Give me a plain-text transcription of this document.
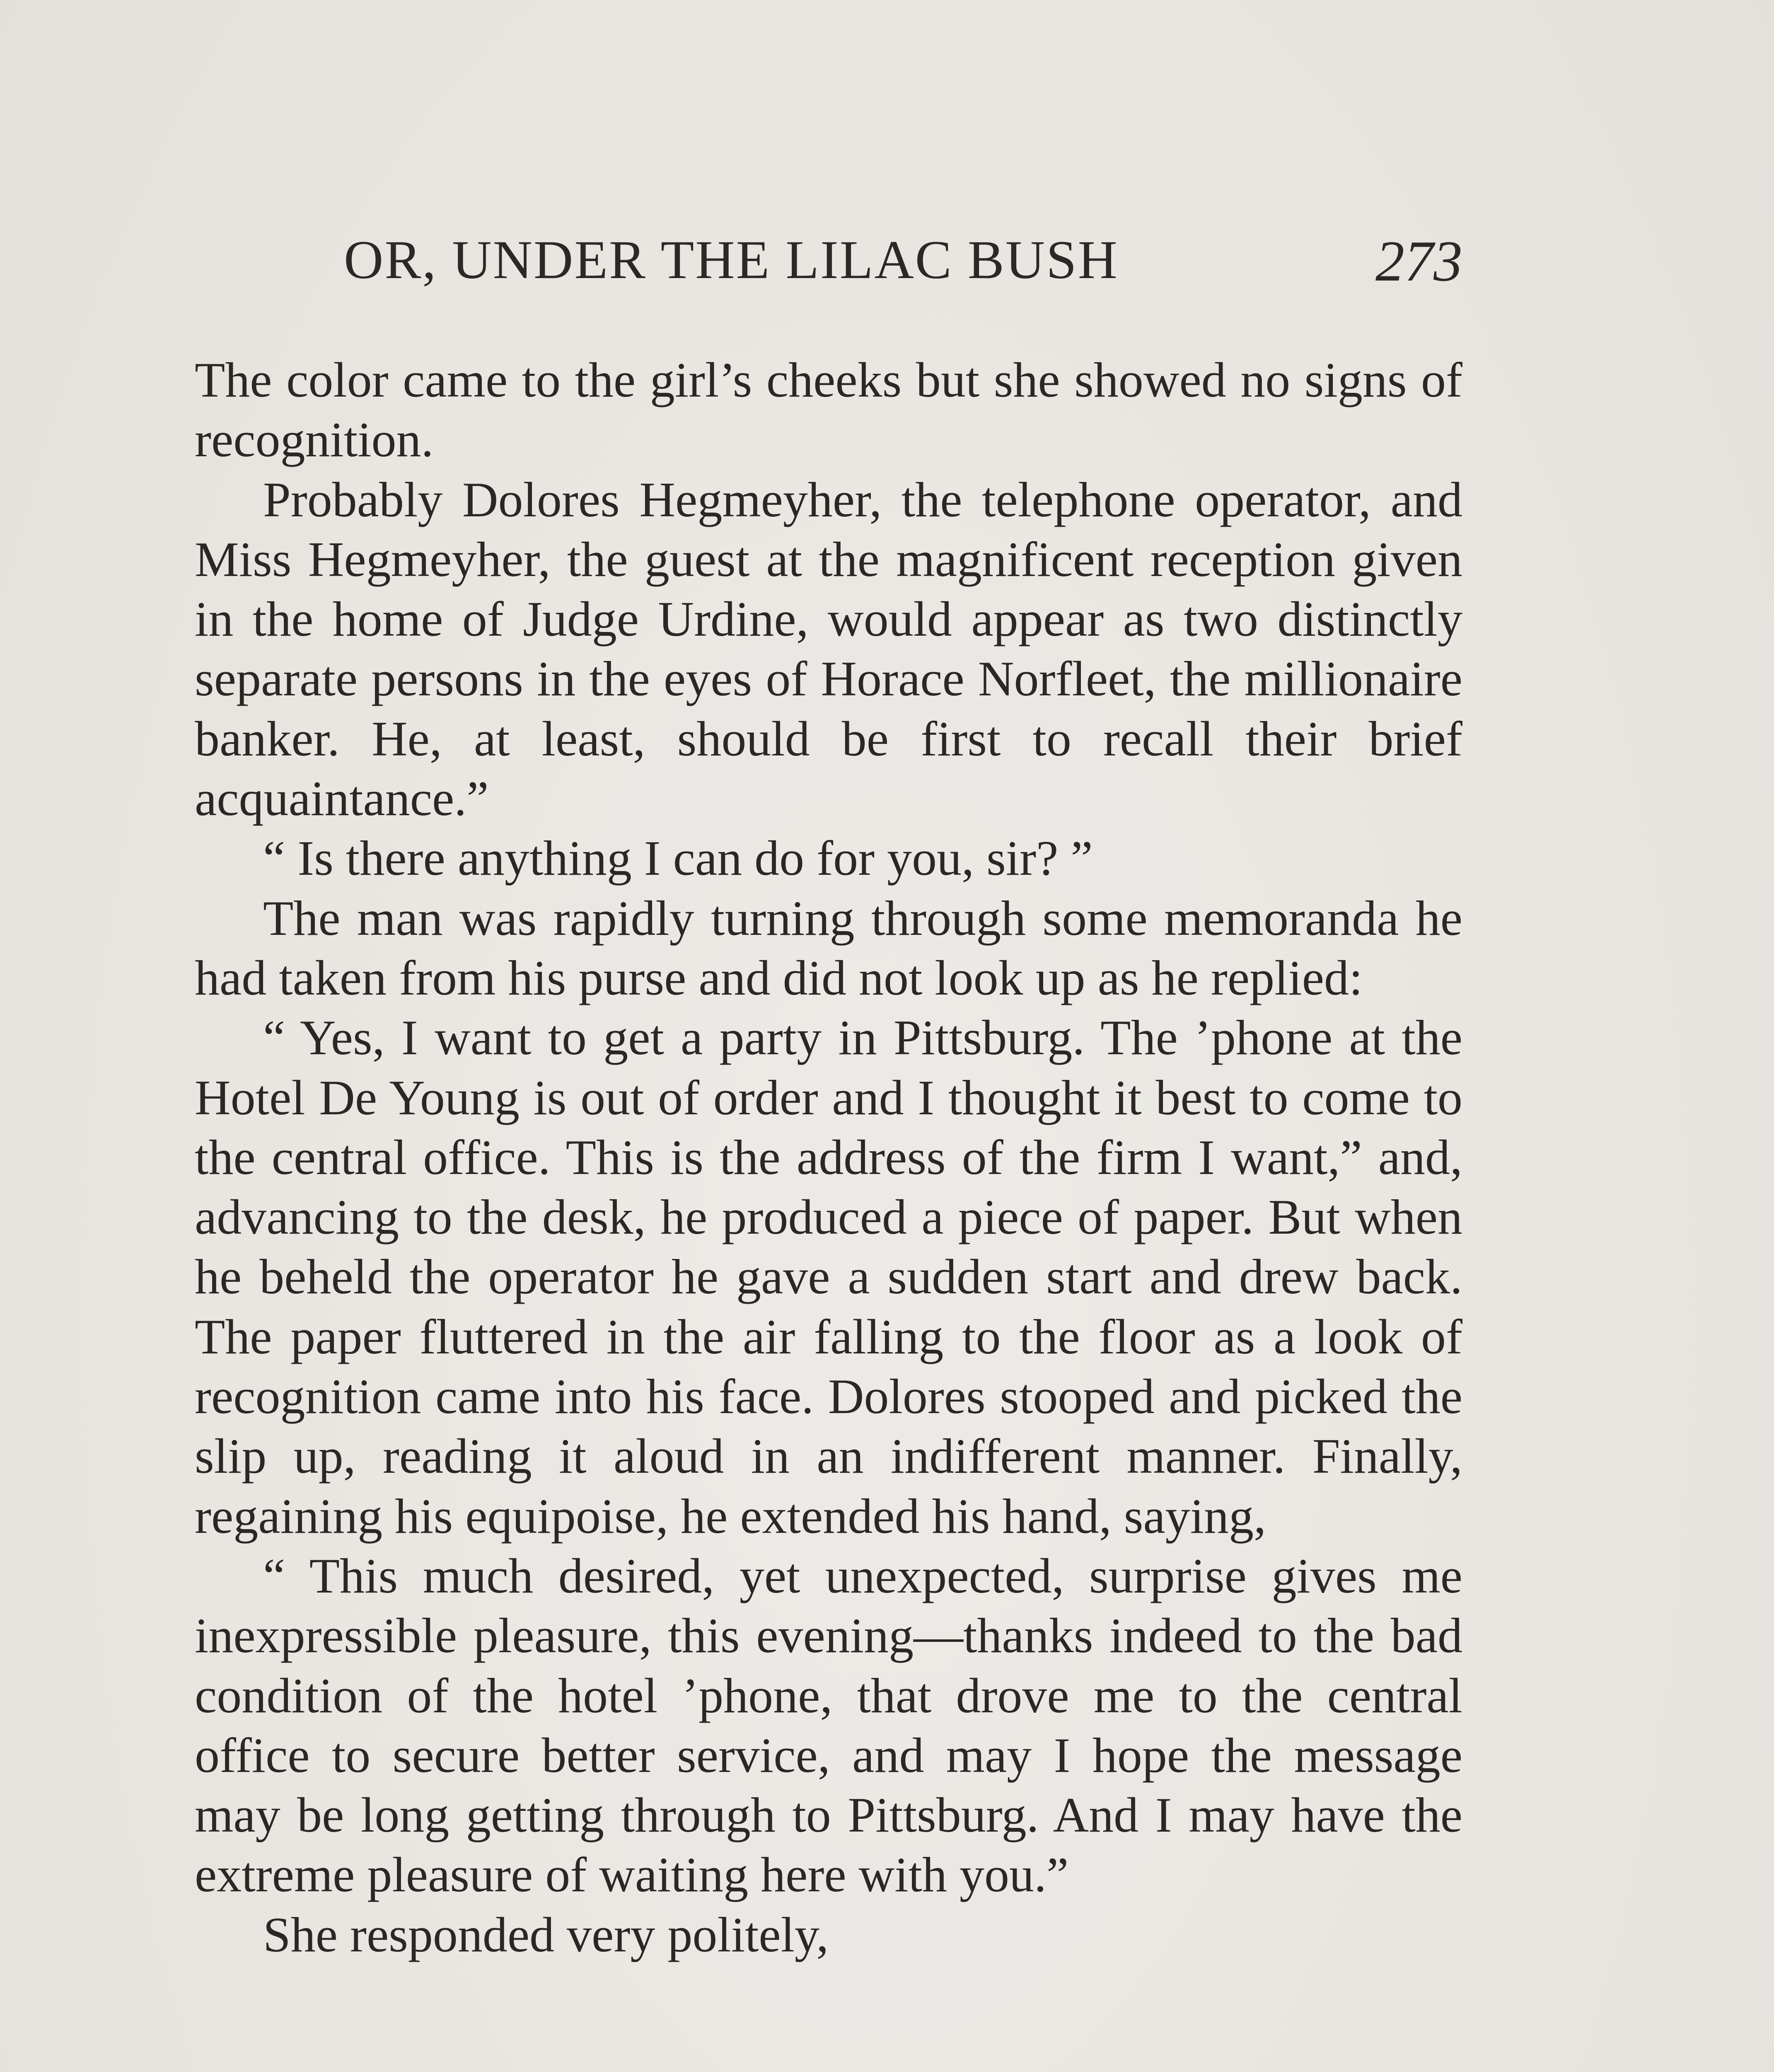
OR, UNDER THE LILAC BUSH	273

The color came to the girl’s cheeks but she showed no signs of recognition.

Probably Dolores Hegmeyher, the telephone operator, and Miss Hegmeyher, the guest at the magnificent reception given in the home of Judge Urdine, would appear as two distinctly separate persons in the eyes of Horace Norfleet, the millionaire banker. He, at least, should be first to recall their brief acquaintance.”

“ Is there anything I can do for you, sir? ”

The man was rapidly turning through some memoranda he had taken from his purse and did not look up as he replied:

“ Yes, I want to get a party in Pittsburg. The ’phone at the Hotel De Young is out of order and I thought it best to come to the central office. This is the address of the firm I want,” and, advancing to the desk, he produced a piece of paper. But when he beheld the operator he gave a sudden start and drew back. The paper fluttered in the air falling to the floor as a look of recognition came into his face. Dolores stooped and picked the slip up, reading it aloud in an indifferent manner. Finally, regaining his equipoise, he extended his hand, saying,

“ This much desired, yet unexpected, surprise gives me inexpressible pleasure, this evening—thanks indeed to the bad condition of the hotel ’phone, that drove me to the central office to secure better service, and may I hope the message may be long getting through to Pittsburg. And I may have the extreme pleasure of waiting here with you.”

She responded very politely,
